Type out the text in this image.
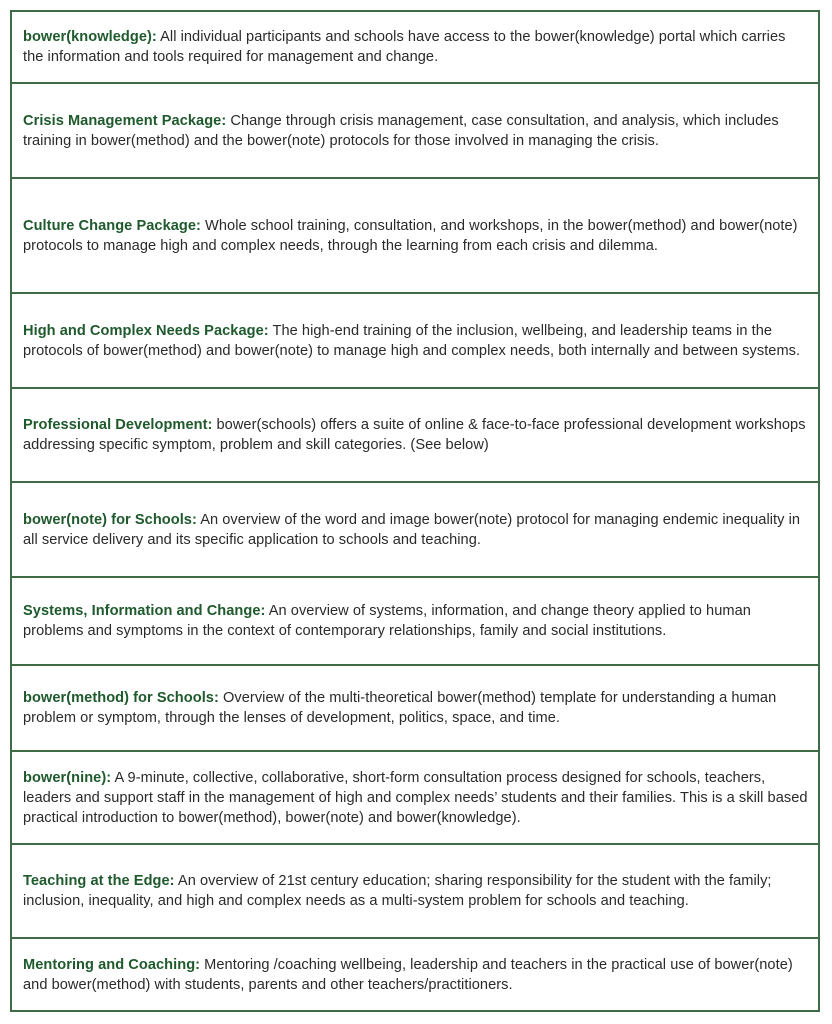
bower(knowledge): All individual participants and schools have access to the bower(knowledge) portal which carries the information and tools required for management and change.

Crisis Management Package: Change through crisis management, case consultation, and analysis, which includes training in bower(method) and the bower(note) protocols for those involved in managing the crisis.

Culture Change Package: Whole school training, consultation, and workshops, in the bower(method) and bower(note) protocols to manage high and complex needs, through the learning from each crisis and dilemma.

High and Complex Needs Package: The high-end training of the inclusion, wellbeing, and leadership teams in the protocols of bower(method) and bower(note) to manage high and complex needs, both internally and between systems.

Professional Development: bower(schools) offers a suite of online & face-to-face professional development workshops addressing specific symptom, problem and skill categories. (See below)

bower(note) for Schools: An overview of the word and image bower(note) protocol for managing endemic inequality in all service delivery and its specific application to schools and teaching.

Systems, Information and Change: An overview of systems, information, and change theory applied to human problems and symptoms in the context of contemporary relationships, family and social institutions.

bower(method) for Schools: Overview of the multi-theoretical bower(method) template for understanding a human problem or symptom, through the lenses of development, politics, space, and time.

bower(nine): A 9-minute, collective, collaborative, short-form consultation process designed for schools, teachers, leaders and support staff in the management of high and complex needs’ students and their families. This is a skill based practical introduction to bower(method), bower(note) and bower(knowledge).

Teaching at the Edge: An overview of 21st century education; sharing responsibility for the student with the family; inclusion, inequality, and high and complex needs as a multi-system problem for schools and teaching.

Mentoring and Coaching: Mentoring /coaching wellbeing, leadership and teachers in the practical use of bower(note) and bower(method) with students, parents and other teachers/practitioners.
